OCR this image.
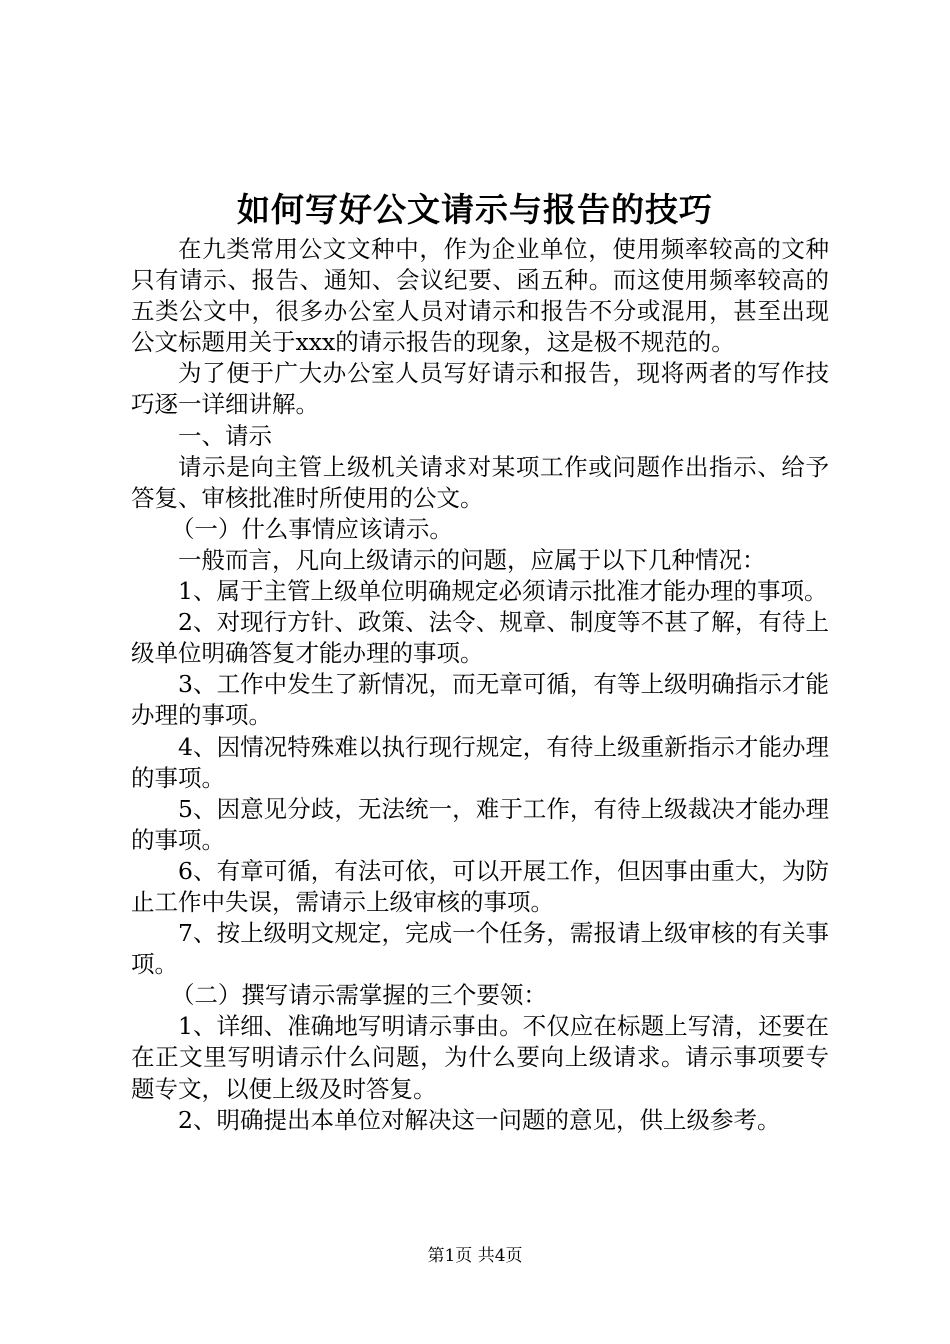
如何写好公文请示与报告的技巧

在九类常用公文文种中，作为企业单位，使用频率较高的文种只有请示、报告、通知、会议纪要、函五种。而这使用频率较高的五类公文中，很多办公室人员对请示和报告不分或混用，甚至出现公文标题用关于xxx的请示报告的现象，这是极不规范的。

为了便于广大办公室人员写好请示和报告，现将两者的写作技巧逐一详细讲解。

一、请示

请示是向主管上级机关请求对某项工作或问题作出指示、给予答复、审核批准时所使用的公文。

（一）什么事情应该请示。

一般而言，凡向上级请示的问题，应属于以下几种情况：

1、属于主管上级单位明确规定必须请示批准才能办理的事项。

2、对现行方针、政策、法令、规章、制度等不甚了解，有待上级单位明确答复才能办理的事项。

3、工作中发生了新情况，而无章可循，有等上级明确指示才能办理的事项。

4、因情况特殊难以执行现行规定，有待上级重新指示才能办理的事项。

5、因意见分歧，无法统一，难于工作，有待上级裁决才能办理的事项。

6、有章可循，有法可依，可以开展工作，但因事由重大，为防止工作中失误，需请示上级审核的事项。

7、按上级明文规定，完成一个任务，需报请上级审核的有关事项。

（二）撰写请示需掌握的三个要领：

1、详细、准确地写明请示事由。不仅应在标题上写清，还要在在正文里写明请示什么问题，为什么要向上级请求。请示事项要专题专文，以便上级及时答复。

2、明确提出本单位对解决这一问题的意见，供上级参考。

第1页 共4页
